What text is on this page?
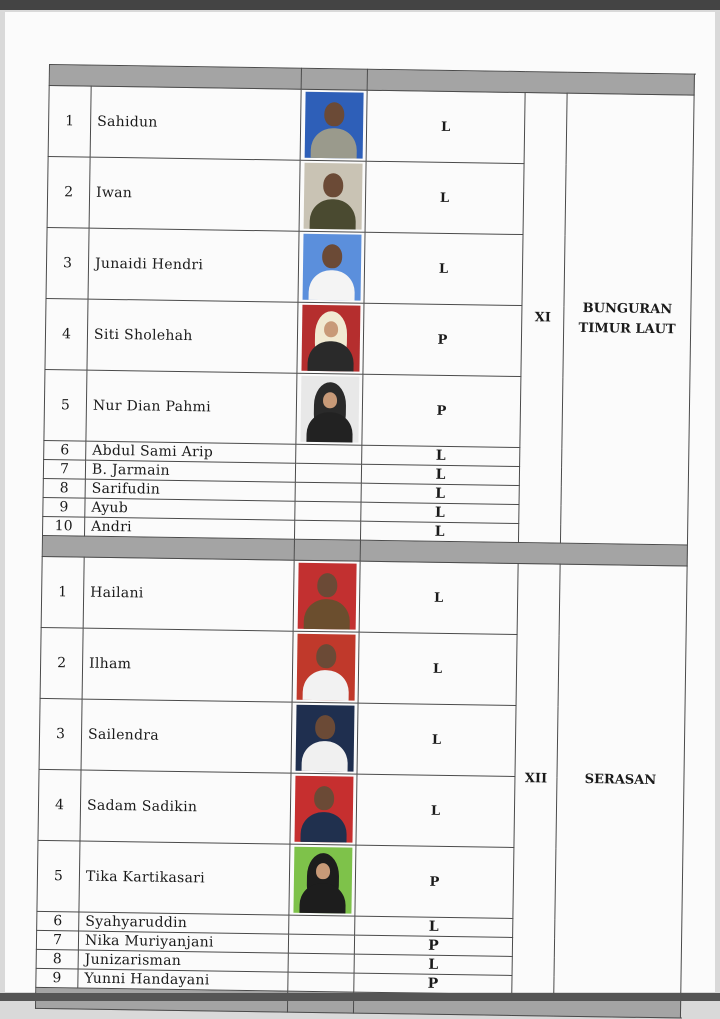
1	Sahidun		L	XI	BUNGURAN TIMUR LAUT
2	Iwan		L		
3	Junaidi Hendri		L		
4	Siti Sholehah		P		
5	Nur Dian Pahmi		P		
6	Abdul Sami Arip		L		
7	B. Jarmain		L		
8	Sarifudin		L		
9	Ayub		L		
10	Andri		L		

1	Hailani		L	XII	SERASAN
2	Ilham		L		
3	Sailendra		L		
4	Sadam Sadikin		L		
5	Tika Kartikasari		P		
6	Syahyaruddin		L		
7	Nika Muriyanjani		P		
8	Junizarisman		L		
9	Yunni Handayani		P		
